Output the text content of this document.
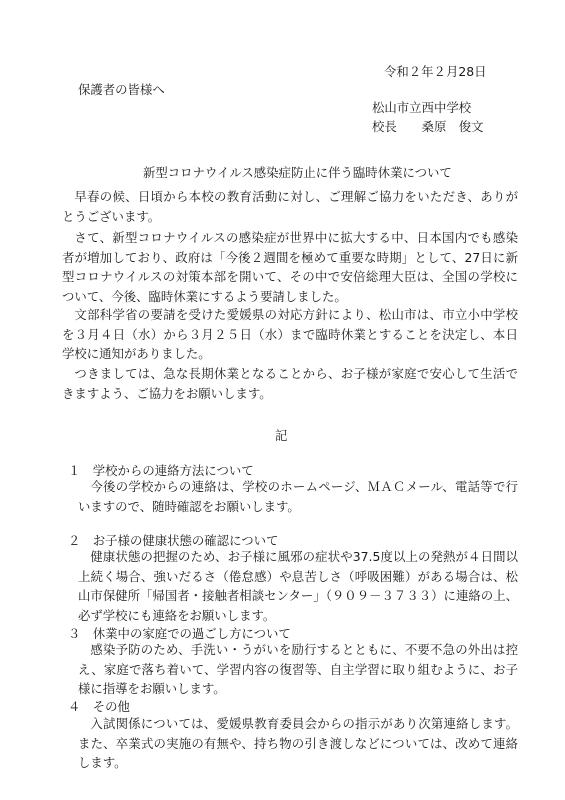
令和２年２月28日
保護者の皆様へ
松山市立西中学校
校長　　桑原　俊文
新型コロナウイルス感染症防止に伴う臨時休業について
早春の候、日頃から本校の教育活動に対し、ご理解ご協力をいただき、ありがとうございます。
さて、新型コロナウイルスの感染症が世界中に拡大する中、日本国内でも感染者が増加しており、政府は「今後２週間を極めて重要な時期」として、27日に新型コロナウイルスの対策本部を開いて、その中で安倍総理大臣は、全国の学校について、今後、臨時休業にするよう要請しました。
文部科学省の要請を受けた愛媛県の対応方針により、松山市は、市立小中学校を３月４日（水）から３月２５日（水）まで臨時休業とすることを決定し、本日学校に通知がありました。
つきましては、急な長期休業となることから、お子様が家庭で安心して生活できますよう、ご協力をお願いします。
記
１　学校からの連絡方法について
今後の学校からの連絡は、学校のホームページ、ＭＡＣメール、電話等で行いますので、随時確認をお願いします。
２　お子様の健康状態の確認について
健康状態の把握のため、お子様に風邪の症状や37.5度以上の発熱が４日間以上続く場合、強いだるさ（倦怠感）や息苦しさ（呼吸困難）がある場合は、松山市保健所「帰国者・接触者相談センター」（９０９－３７３３）に連絡の上、必ず学校にも連絡をお願いします。
３　休業中の家庭での過ごし方について
感染予防のため、手洗い・うがいを励行するとともに、不要不急の外出は控え、家庭で落ち着いて、学習内容の復習等、自主学習に取り組むように、お子様に指導をお願いします。
４　その他
入試関係については、愛媛県教育委員会からの指示があり次第連絡します。また、卒業式の実施の有無や、持ち物の引き渡しなどについては、改めて連絡します。
